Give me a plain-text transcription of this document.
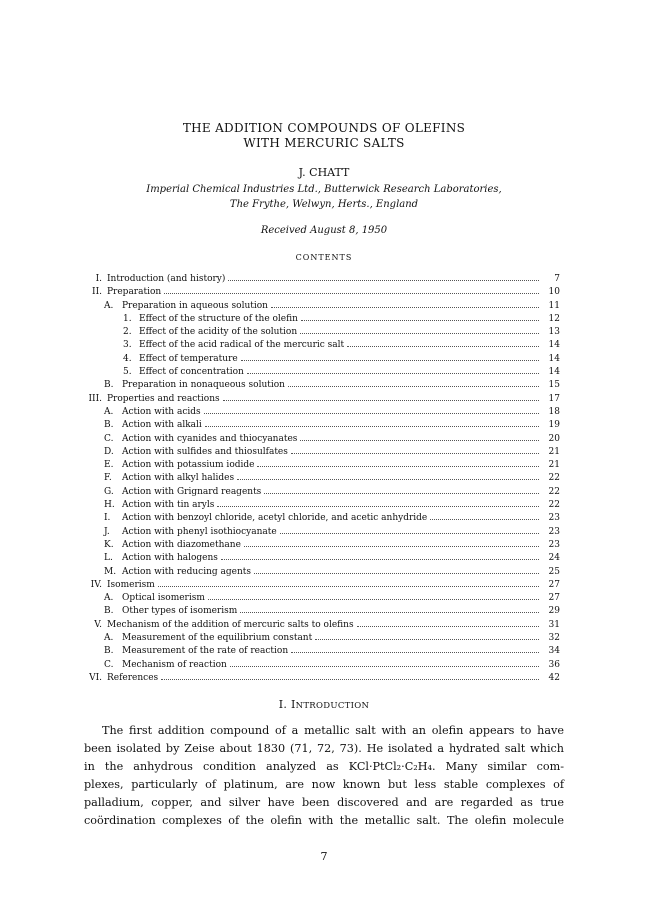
THE ADDITION COMPOUNDS OF OLEFINS
WITH MERCURIC SALTS
J. CHATT
Imperial Chemical Industries Ltd., Butterwick Research Laboratories,
The Frythe, Welwyn, Herts., England
Received August 8, 1950
CONTENTS
I. Introduction (and history)	7
II. Preparation	10
A. Preparation in aqueous solution	11
1. Effect of the structure of the olefin	12
2. Effect of the acidity of the solution	13
3. Effect of the acid radical of the mercuric salt	14
4. Effect of temperature	14
5. Effect of concentration	14
B. Preparation in nonaqueous solution	15
III. Properties and reactions	17
A. Action with acids	18
B. Action with alkali	19
C. Action with cyanides and thiocyanates	20
D. Action with sulfides and thiosulfates	21
E. Action with potassium iodide	21
F.	Action with alkyl halides	22
G. Action with Grignard reagents	22
H. Action with tin aryls	22
I.	Action with benzoyl chloride, acetyl chloride, and acetic anhydride	23
J.	Action with phenyl isothiocyanate	23
K. Action with diazomethane	23
L.	Action with halogens	24
M. Action with reducing agents	25
IV. Isomerism	27
A. Optical isomerism	27
B. Other types of isomerism	29
V. Mechanism of the addition of mercuric salts to olefins	31
A. Measurement of the equilibrium constant	32
B. Measurement of the rate of reaction	34
C. Mechanism of reaction	36
VI. References	42
I. INTRODUCTION
The first addition compound of a metallic salt with an olefin appears to have
been isolated by Zeise about 1830 (71, 72, 73). He isolated a hydrated salt which
in the anhydrous condition analyzed as KCl·PtCl₂·C₂H₄. Many similar com-
plexes, particularly of platinum, are now known but less stable complexes of
palladium, copper, and silver have been discovered and are regarded as true
coördination complexes of the olefin with the metallic salt. The olefin molecule
7
